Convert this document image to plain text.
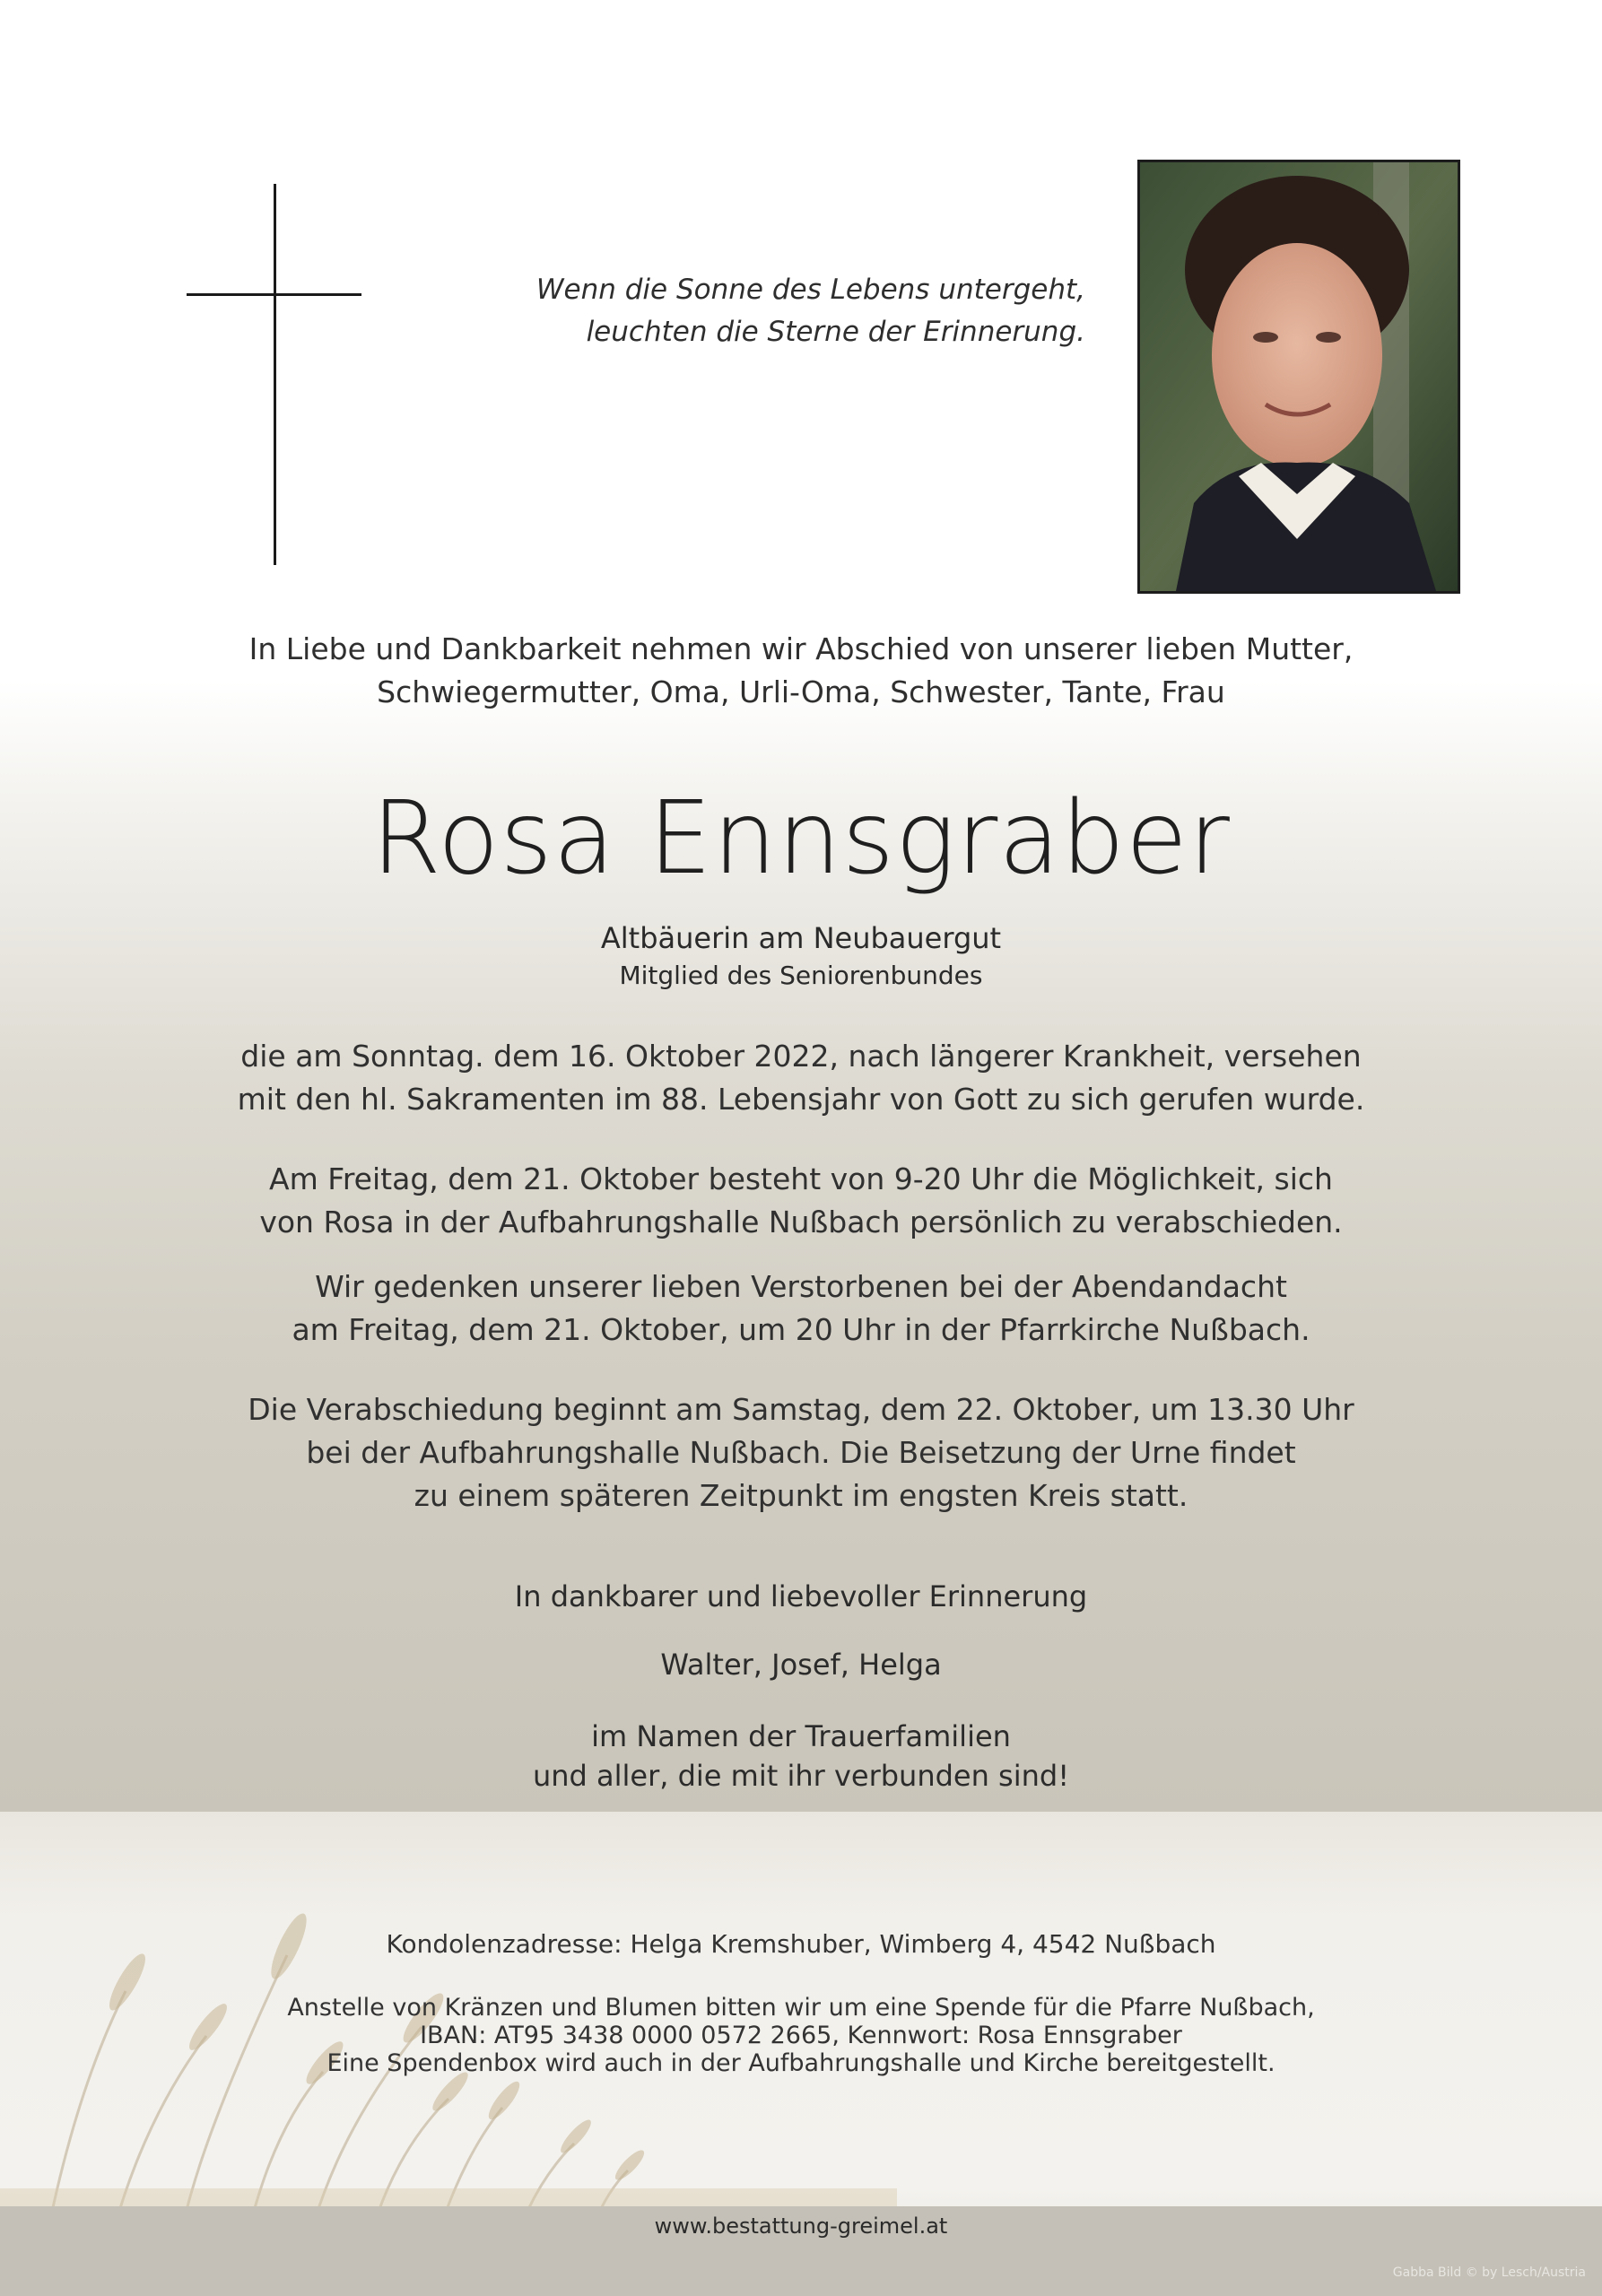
Wenn die Sonne des Lebens untergeht,
leuchten die Sterne der Erinnerung.
In Liebe und Dankbarkeit nehmen wir Abschied von unserer lieben Mutter,
Schwiegermutter, Oma, Urli-Oma, Schwester, Tante, Frau
Rosa Ennsgraber
Altbäuerin am Neubauergut
Mitglied des Seniorenbundes
die am Sonntag. dem 16. Oktober 2022, nach längerer Krankheit, versehen
mit den hl. Sakramenten im 88. Lebensjahr von Gott zu sich gerufen wurde.
Am Freitag, dem 21. Oktober besteht von 9-20 Uhr die Möglichkeit, sich
von Rosa in der Aufbahrungshalle Nußbach persönlich zu verabschieden.
Wir gedenken unserer lieben Verstorbenen bei der Abendandacht
am Freitag, dem 21. Oktober, um 20 Uhr in der Pfarrkirche Nußbach.
Die Verabschiedung beginnt am Samstag, dem 22. Oktober, um 13.30 Uhr
bei der Aufbahrungshalle Nußbach. Die Beisetzung der Urne findet
zu einem späteren Zeitpunkt im engsten Kreis statt.
In dankbarer und liebevoller Erinnerung
Walter, Josef, Helga
im Namen der Trauerfamilien
und aller, die mit ihr verbunden sind!
Kondolenzadresse: Helga Kremshuber, Wimberg 4, 4542 Nußbach
Anstelle von Kränzen und Blumen bitten wir um eine Spende für die Pfarre Nußbach,
IBAN: AT95 3438 0000 0572 2665, Kennwort: Rosa Ennsgraber
Eine Spendenbox wird auch in der Aufbahrungshalle und Kirche bereitgestellt.
www.bestattung-greimel.at
Gabba Bild © by Lesch/Austria
